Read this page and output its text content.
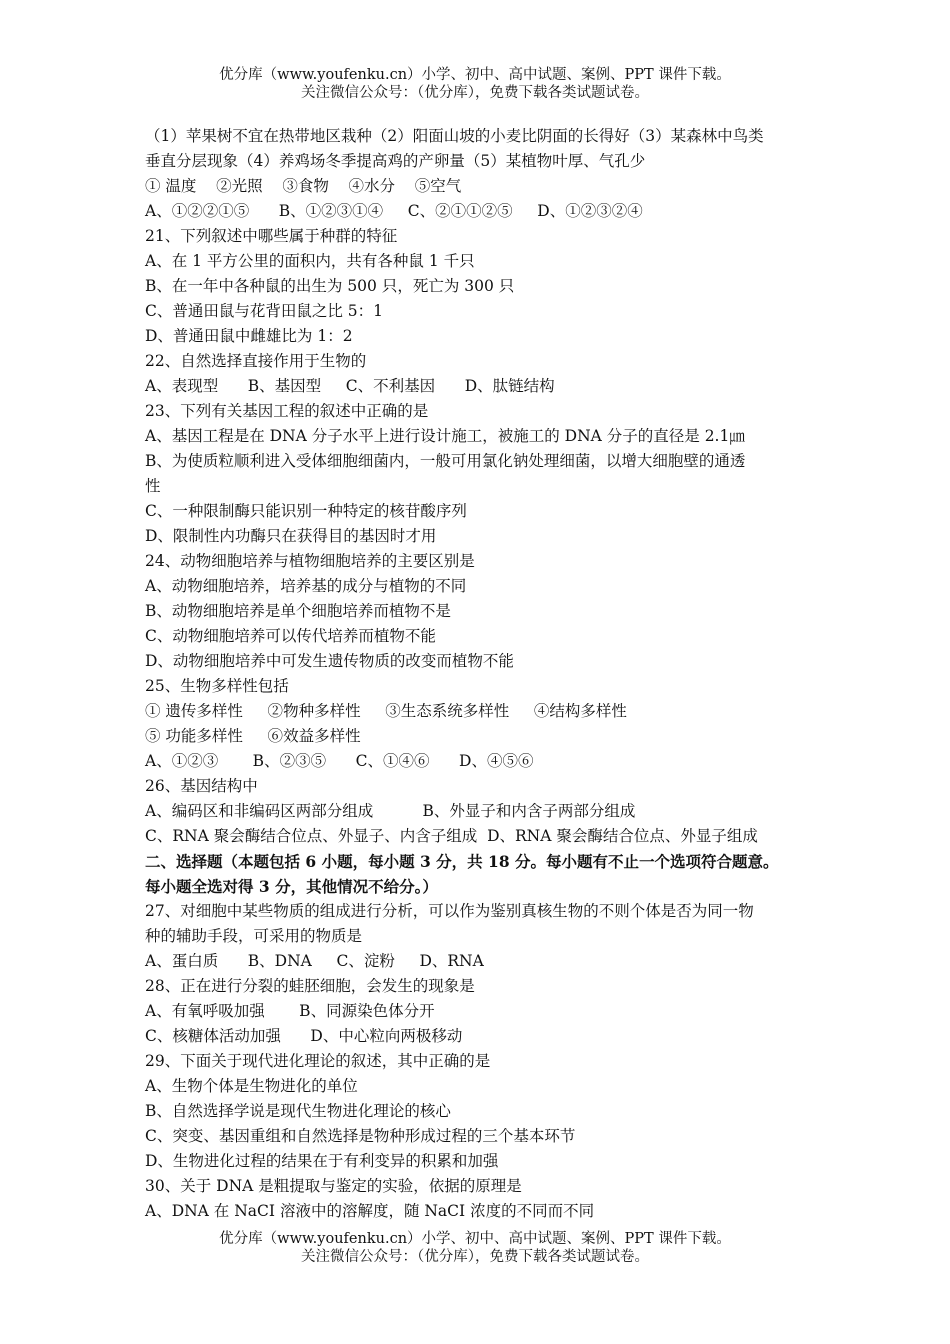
优分库（www.youfenku.cn）小学、初中、高中试题、案例、PPT 课件下载。
关注微信公众号：（优分库），免费下载各类试题试卷。
（1）苹果树不宜在热带地区栽种（2）阳面山坡的小麦比阴面的长得好（3）某森林中鸟类
垂直分层现象（4）养鸡场冬季提高鸡的产卵量（5）某植物叶厚、气孔少
① 温度    ②光照    ③食物    ④水分    ⑤空气
A、①②②①⑤      B、①②③①④     C、②①①②⑤     D、①②③②④
21、下列叙述中哪些属于种群的特征
A、在 1 平方公里的面积内，共有各种鼠 1 千只
B、在一年中各种鼠的出生为 500 只，死亡为 300 只
C、普通田鼠与花背田鼠之比 5：1
D、普通田鼠中雌雄比为 1：2
22、自然选择直接作用于生物的
A、表现型      B、基因型     C、不利基因      D、肽链结构
23、下列有关基因工程的叙述中正确的是
A、基因工程是在 DNA 分子水平上进行设计施工，被施工的 DNA 分子的直径是 2.1㎛
B、为使质粒顺利进入受体细胞细菌内，一般可用氯化钠处理细菌，以增大细胞壁的通透
性
C、一种限制酶只能识别一种特定的核苷酸序列
D、限制性内功酶只在获得目的基因时才用
24、动物细胞培养与植物细胞培养的主要区别是
A、动物细胞培养，培养基的成分与植物的不同
B、动物细胞培养是单个细胞培养而植物不是
C、动物细胞培养可以传代培养而植物不能
D、动物细胞培养中可发生遗传物质的改变而植物不能
25、生物多样性包括
① 遗传多样性     ②物种多样性     ③生态系统多样性     ④结构多样性
⑤ 功能多样性     ⑥效益多样性
A、①②③       B、②③⑤      C、①④⑥      D、④⑤⑥
26、基因结构中
A、编码区和非编码区两部分组成          B、外显子和内含子两部分组成
C、RNA 聚会酶结合位点、外显子、内含子组成  D、RNA 聚会酶结合位点、外显子组成
二、选择题（本题包括 6 小题，每小题 3 分，共 18 分。每小题有不止一个选项符合题意。
每小题全选对得 3 分，其他情况不给分。）
27、对细胞中某些物质的组成进行分析，可以作为鉴别真核生物的不则个体是否为同一物
种的辅助手段，可采用的物质是
A、蛋白质      B、DNA     C、淀粉     D、RNA
28、正在进行分裂的蛙胚细胞，会发生的现象是
A、有氧呼吸加强       B、同源染色体分开
C、核糖体活动加强      D、中心粒向两极移动
29、下面关于现代进化理论的叙述，其中正确的是
A、生物个体是生物进化的单位
B、自然选择学说是现代生物进化理论的核心
C、突变、基因重组和自然选择是物种形成过程的三个基本环节
D、生物进化过程的结果在于有利变异的积累和加强
30、关于 DNA 是粗提取与鉴定的实验，依据的原理是
A、DNA 在 NaCI 溶液中的溶解度，随 NaCI 浓度的不同而不同
优分库（www.youfenku.cn）小学、初中、高中试题、案例、PPT 课件下载。
关注微信公众号：（优分库），免费下载各类试题试卷。
